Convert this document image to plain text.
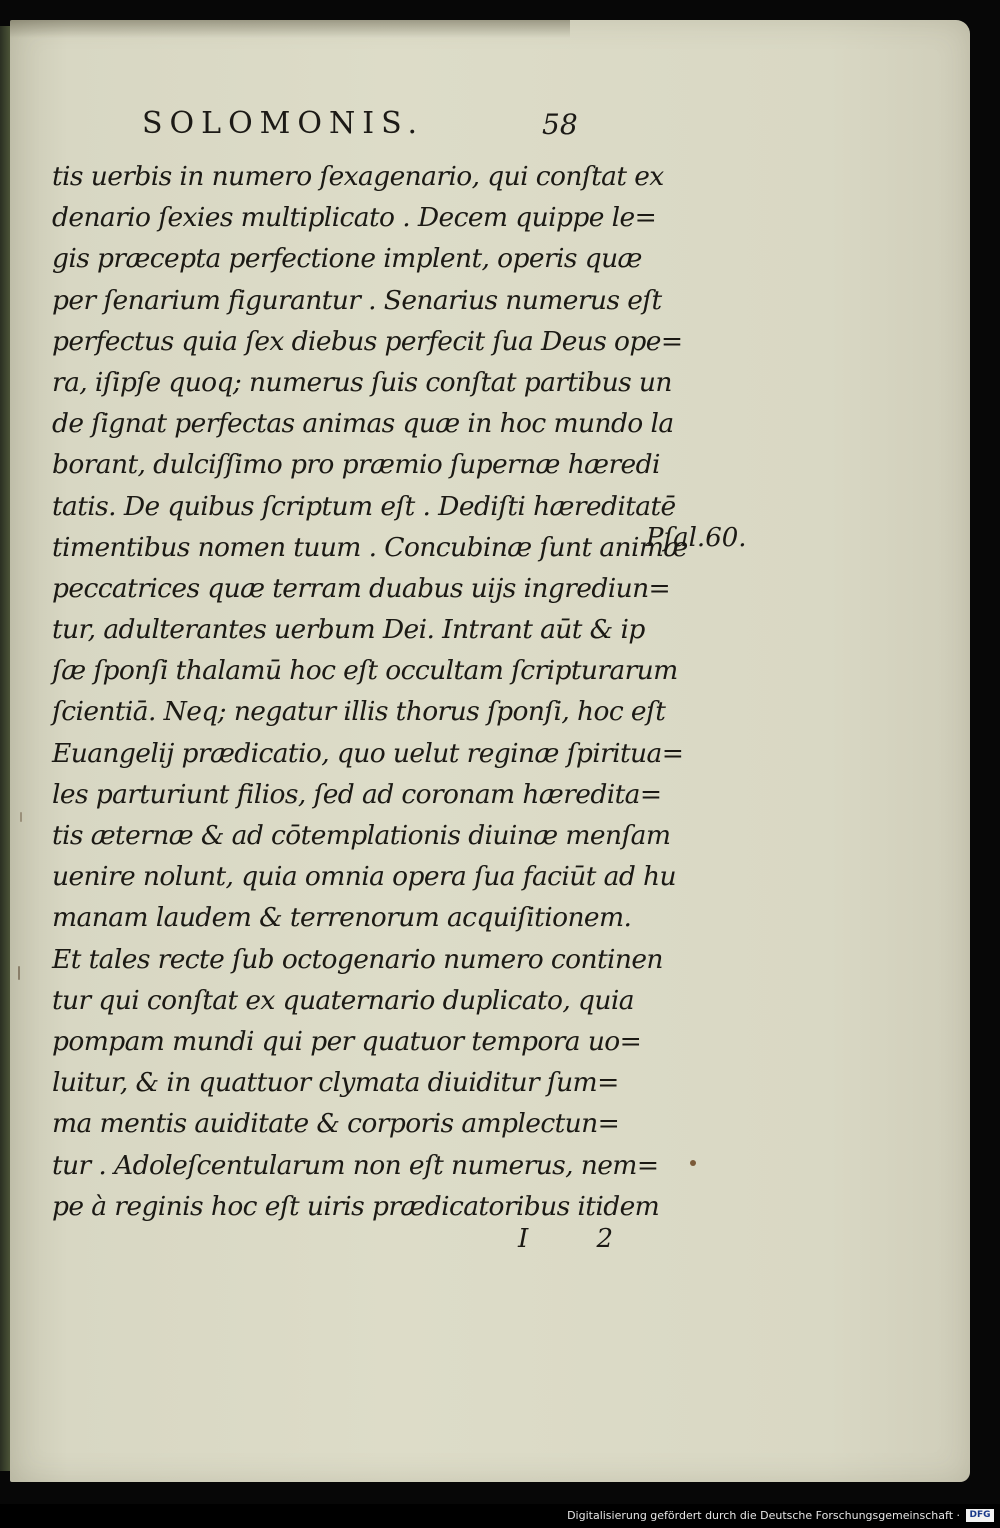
SOLOMONIS.	58
tis uerbis in numero ſexagenario, qui conſtat ex
denario ſexies multiplicato . Decem quippe le=
gis præcepta perfectione implent, operis quæ
per ſenarium figurantur . Senarius numerus eſt
perfectus quia ſex diebus perfecit ſua Deus ope=
ra, iſipſe quoq; numerus ſuis conſtat partibus un
de ſignat perfectas animas quæ in hoc mundo la
borant, dulciſſimo pro præmio ſupernæ hæredi
tatis. De quibus ſcriptum eſt . Dediſti hæreditatē
timentibus nomen tuum . Concubinæ ſunt animæ
peccatrices quæ terram duabus uijs ingrediun=
tur, adulterantes uerbum Dei. Intrant aūt & ip
ſæ ſponſi thalamū hoc eſt occultam ſcripturarum
ſcientiā. Neq; negatur illis thorus ſponſi, hoc eſt
Euangelij prædicatio, quo uelut reginæ ſpiritua=
les parturiunt filios, ſed ad coronam hæredita=
tis æternæ & ad cōtemplationis diuinæ menſam
uenire nolunt, quia omnia opera ſua faciūt ad hu
manam laudem & terrenorum acquiſitionem.
Et tales recte ſub octogenario numero continen
tur qui conſtat ex quaternario duplicato, quia
pompam mundi qui per quatuor tempora uo=
luitur, & in quattuor clymata diuiditur ſum=
ma mentis auiditate & corporis amplectun=
tur . Adoleſcentularum non eſt numerus, nem=
pe à reginis hoc eſt uiris prædicatoribus itidem
Pſal.60.
I 2
Digitalisierung gefördert durch die Deutsche Forschungsgemeinschaft ·	DFG
